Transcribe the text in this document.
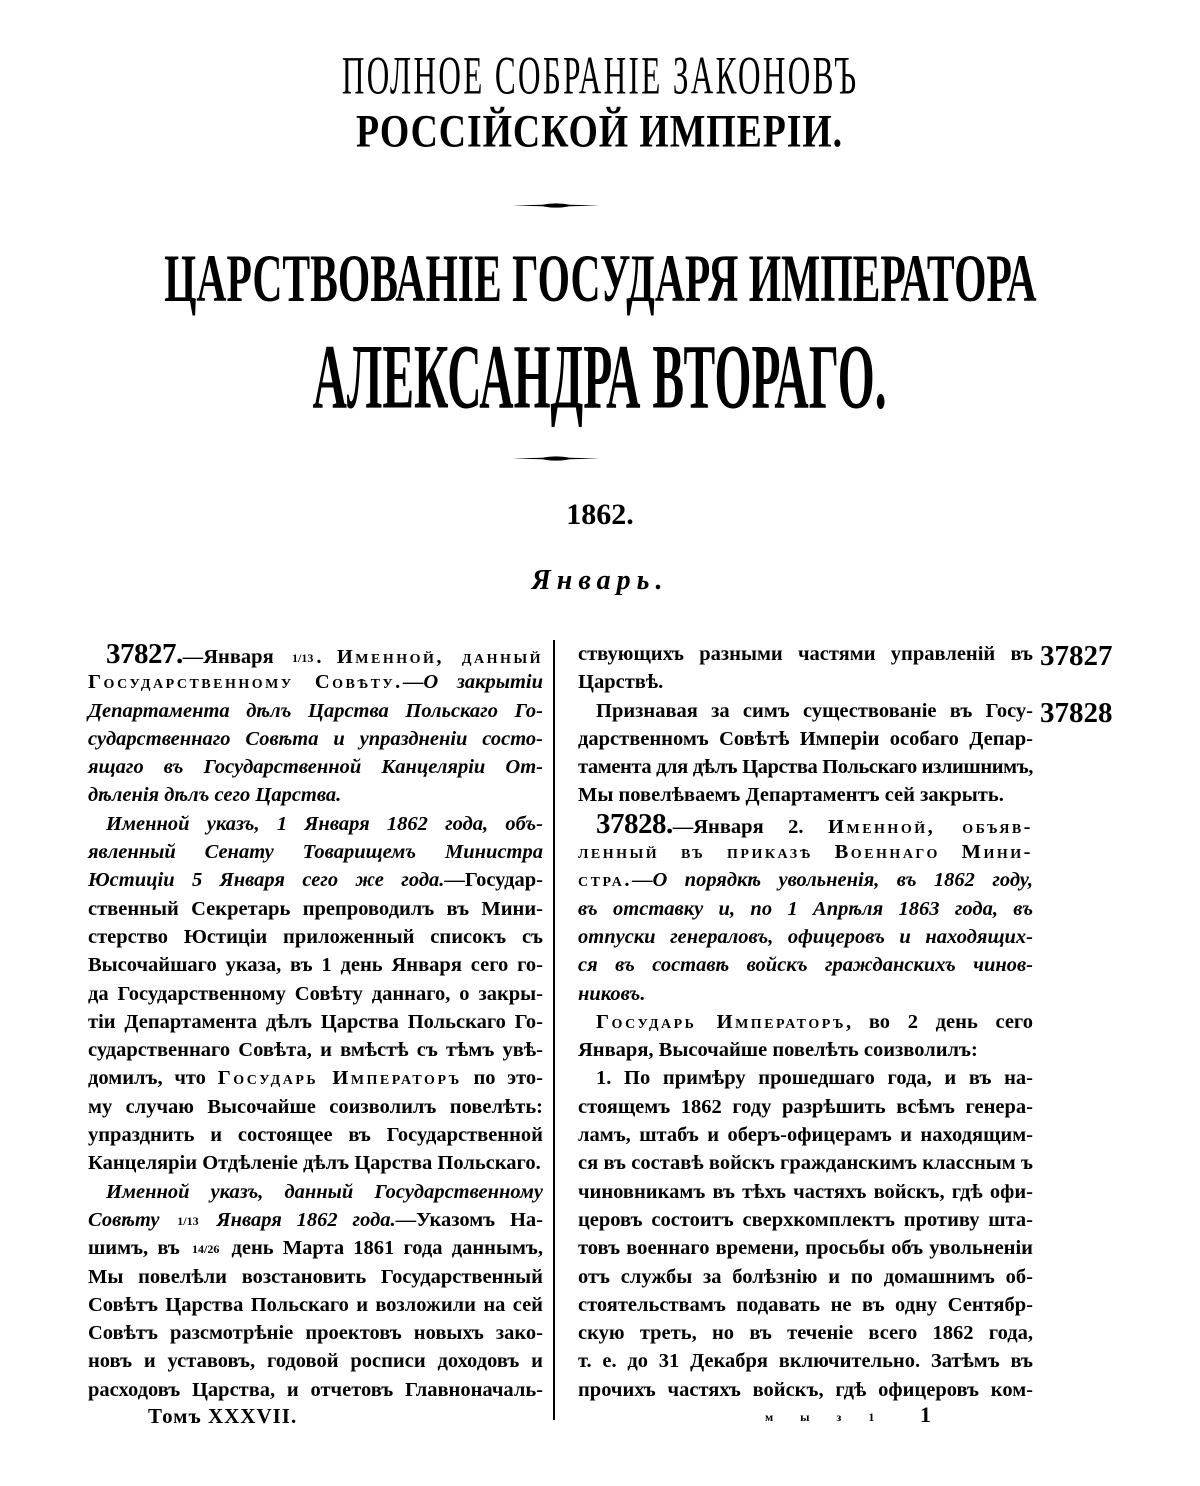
ПОЛНОЕ СОБРАНІЕ ЗАКОНОВЪ
РОССІЙСКОЙ ИМПЕРІИ.
ЦАРСТВОВАНІЕ ГОСУДАРЯ ИМПЕРАТОРА
АЛЕКСАНДРА ВТОРАГО.
1862.
Январь.
37827.—Января 1/13 . Именной, данный
Государственному Совѣту.—О закрытіи
Департамента дѣлъ Царства Польскаго Го-
сударственнаго Совѣта и упраздненіи состо-
ящаго въ Государственной Канцеляріи От-
дѣленія дѣлъ сего Царства.
Именной указъ, 1 Января 1862 года, объ-
явленный Сенату Товарищемъ Министра
Юстиціи 5 Января сего же года.—Государ-
ственный Секретарь препроводилъ въ Мини-
стерство Юстиціи приложенный списокъ съ
Высочайшаго указа, въ 1 день Января сего го-
да Государственному Совѣту даннаго, о закры-
тіи Департамента дѣлъ Царства Польскаго Го-
сударственнаго Совѣта, и вмѣстѣ съ тѣмъ увѣ-
домилъ, что Государь Императоръ по это-
му случаю Высочайше соизволилъ повелѣть:
упразднить и состоящее въ Государственной
Канцеляріи Отдѣленіе дѣлъ Царства Польскаго.
Именной указъ, данный Государственному
Совѣту 1/13 Января 1862 года.—Указомъ На-
шимъ, въ 14/26 день Марта 1861 года даннымъ,
Мы повелѣли возстановить Государственный
Совѣтъ Царства Польскаго и возложили на сей
Совѣтъ разсмотрѣніе проектовъ новыхъ зако-
новъ и уставовъ, годовой росписи доходовъ и
расходовъ Царства, и отчетовъ Главноначаль-
ствующихъ разными частями управленій въ
Царствѣ.
Признавая за симъ существованіе въ Госу-
дарственномъ Совѣтѣ Имперіи особаго Депар-
тамента для дѣлъ Царства Польскаго излишнимъ,
Мы повелѣваемъ Департаментъ сей закрыть.
37828.—Января 2. Именной, объяв-
ленный въ приказѣ Военнаго Мини-
стра.—О порядкѣ увольненія, въ 1862 году,
въ отставку и, по 1 Апрѣля 1863 года, въ
отпуски генераловъ, офицеровъ и находящих-
ся въ составѣ войскъ гражданскихъ чинов-
никовъ.
Государь Императоръ, во 2 день сего
Января, Высочайше повелѣть соизволилъ:
1. По примѣру прошедшаго года, и въ на-
стоящемъ 1862 году разрѣшить всѣмъ генера-
ламъ, штабъ и оберъ-офицерамъ и находящим-
ся въ составѣ войскъ гражданскимъ классным ъ
чиновникамъ въ тѣхъ частяхъ войскъ, гдѣ офи-
церовъ состоитъ сверхкомплектъ противу шта-
товъ военнаго времени, просьбы объ увольненіи
отъ службы за болѣзнію и по домашнимъ об-
стоятельствамъ подавать не въ одну Сентябр-
скую треть, но въ теченіе всего 1862 года,
т. е. до 31 Декабря включительно. Затѣмъ въ
прочихъ частяхъ войскъ, гдѣ офицеровъ ком-
37827
37828
Томъ XXXVII.	м ы з 1 1
